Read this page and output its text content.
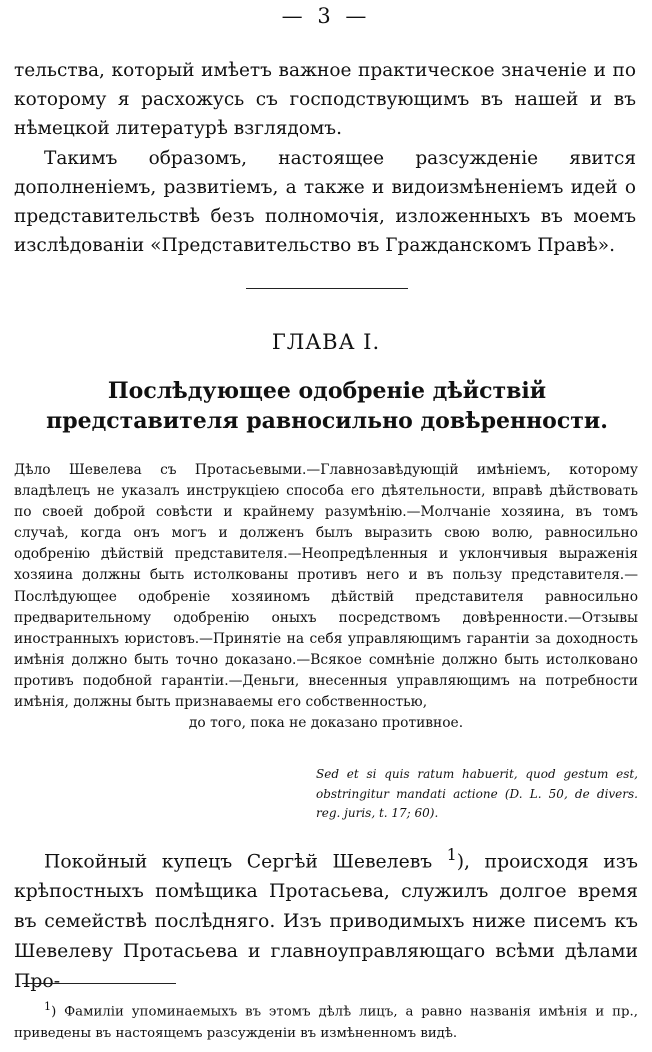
— 3 —

тельства, который имѣетъ важное практическое значенiе и по которому я расхожусь съ господствующимъ въ нашей и въ нѣмецкой литературѣ взглядомъ.

Такимъ образомъ, настоящее разсужденiе явится дополненiемъ, развитiемъ, а также и видоизмѣненiемъ идей о представительствѣ безъ полномочiя, изложенныхъ въ моемъ изслѣдованiи «Представительство въ Гражданскомъ Правѣ».

ГЛАВА I.
Послѣдующее одобренiе дѣйствiй представителя равносильно довѣренности.

Дѣло Шевелева съ Протасьевыми.—Главнозавѣдующiй имѣнiемъ, которому владѣлецъ не указалъ инструкцiею способа его дѣятельности, вправѣ дѣйствовать по своей доброй совѣсти и крайнему разумѣнiю.—Молчанiе хозяина, въ томъ случаѣ, когда онъ могъ и долженъ былъ выразить свою волю, равносильно одобренiю дѣйствiй представителя.—Неопредѣленныя и уклончивыя выраженiя хозяина должны быть истолкованы противъ него и въ пользу представителя.—Послѣдующее одобренiе хозяиномъ дѣйствiй представителя равносильно предварительному одобренiю оныхъ посредствомъ довѣренности.—Отзывы иностранныхъ юристовъ.—Принятiе на себя управляющимъ гарантiи за доходность имѣнiя должно быть точно доказано.—Всякое сомнѣнiе должно быть истолковано противъ подобной гарантiи.—Деньги, внесенныя управляющимъ на потребности имѣнiя, должны быть признаваемы его собственностью,
до того, пока не доказано противное.

Sed et si quis ratum habuerit, quod gestum est, obstringitur mandati actione (D. L. 50, de divers. reg. juris, t. 17; 60).

Покойный купецъ Сергѣй Шевелевъ $^1$), происходя изъ крѣпостныхъ помѣщика Протасьева, служилъ долгое время въ семействѣ послѣдняго. Изъ приводимыхъ ниже писемъ къ Шевелеву Протасьева и главноуправляющаго всѣми дѣлами Про-

$^1$) Фамилiи упоминаемыхъ въ этомъ дѣлѣ лицъ, а равно названiя имѣнiя и пр., приведены въ настоящемъ разсужденiи въ измѣненномъ видѣ.
